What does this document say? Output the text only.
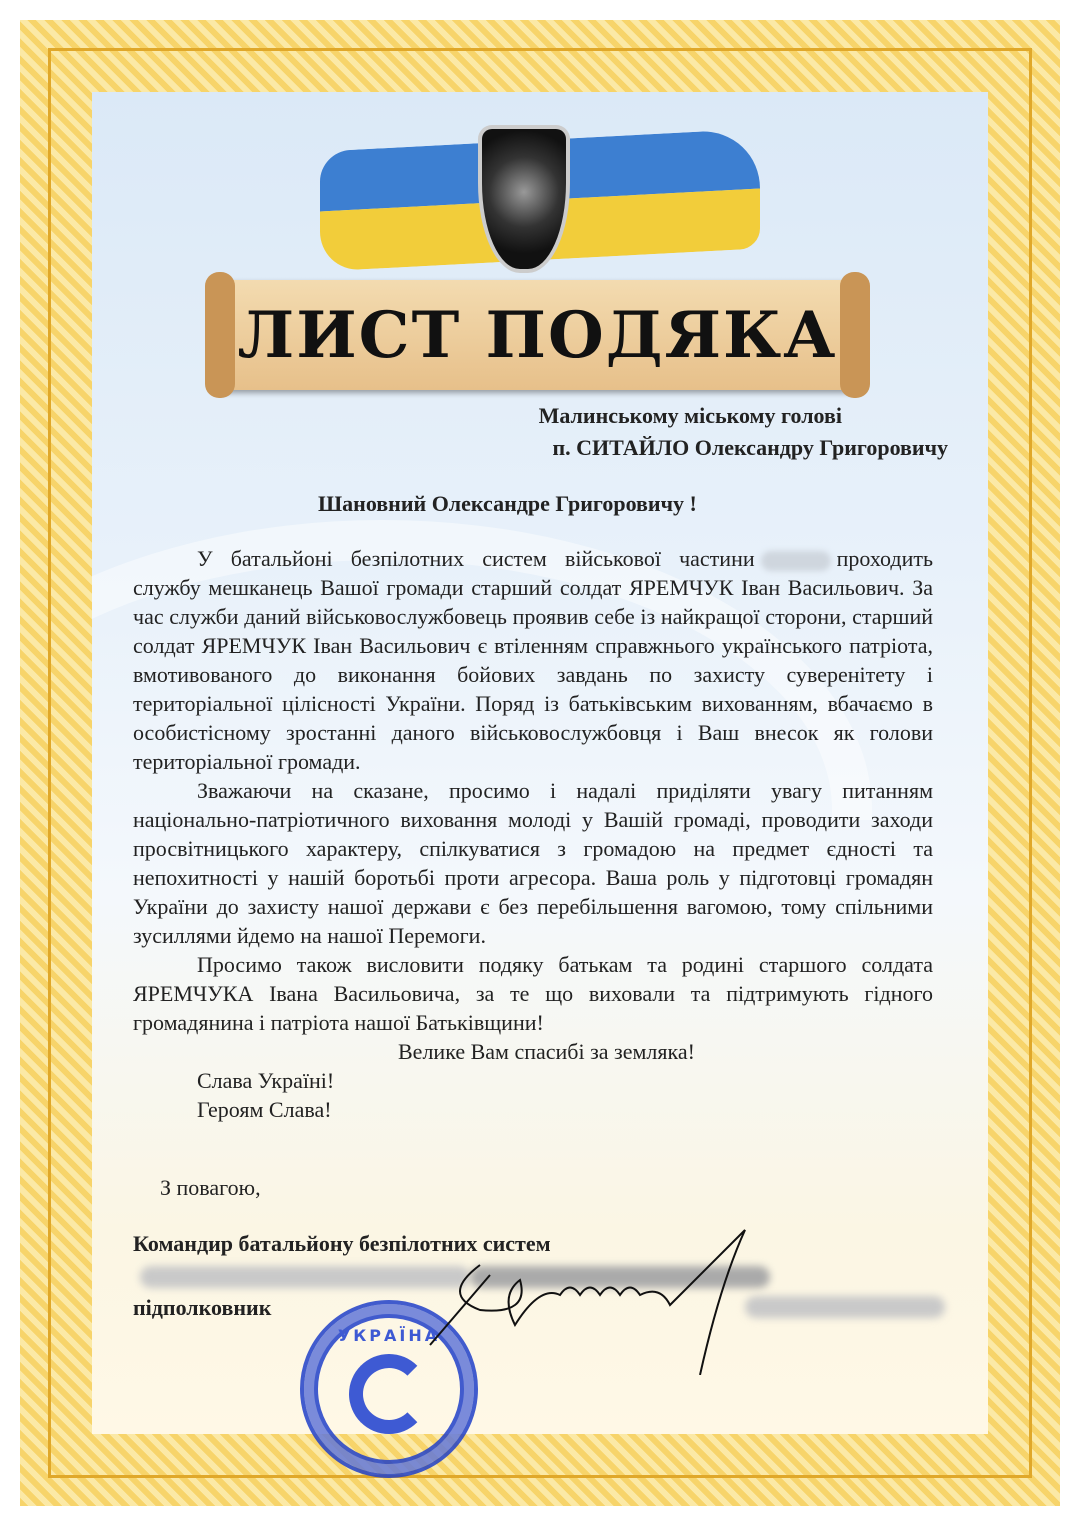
ЛИСТ ПОДЯКА
Малинському міському голові
п. СИТАЙЛО Олександру Григоровичу
Шановний Олександре Григоровичу !

У батальйоні безпілотних систем військової частини	проходить службу мешканець Вашої громади старший солдат ЯРЕМЧУК Іван Васильович. За час служби даний військовослужбовець проявив себе із найкращої сторони, старший солдат ЯРЕМЧУК Іван Васильович є втіленням справжнього українського патріота, вмотивованого до виконання бойових завдань по захисту суверенітету і територіальної цілісності України. Поряд із батьківським вихованням, вбачаємо в особистісному зростанні даного військовослужбовця і Ваш внесок як голови територіальної громади.

Зважаючи на сказане, просимо і надалі приділяти увагу питанням національно-патріотичного виховання молоді у Вашій громаді, проводити заходи просвітницького характеру, спілкуватися з громадою на предмет єдності та непохитності у нашій боротьбі проти агресора. Ваша роль у підготовці громадян України до захисту нашої держави є без перебільшення вагомою, тому спільними зусиллями йдемо на нашої Перемоги.

Просимо також висловити подяку батькам та родині старшого солдата ЯРЕМЧУКА Івана Васильовича, за те що виховали та підтримують гідного громадянина і патріота нашої Батьківщини!

Велике Вам спасибі за земляка!
Слава Україні!
Героям Слава!
З повагою,
Командир батальйону безпілотних систем
підполковник
УКРАЇНА
